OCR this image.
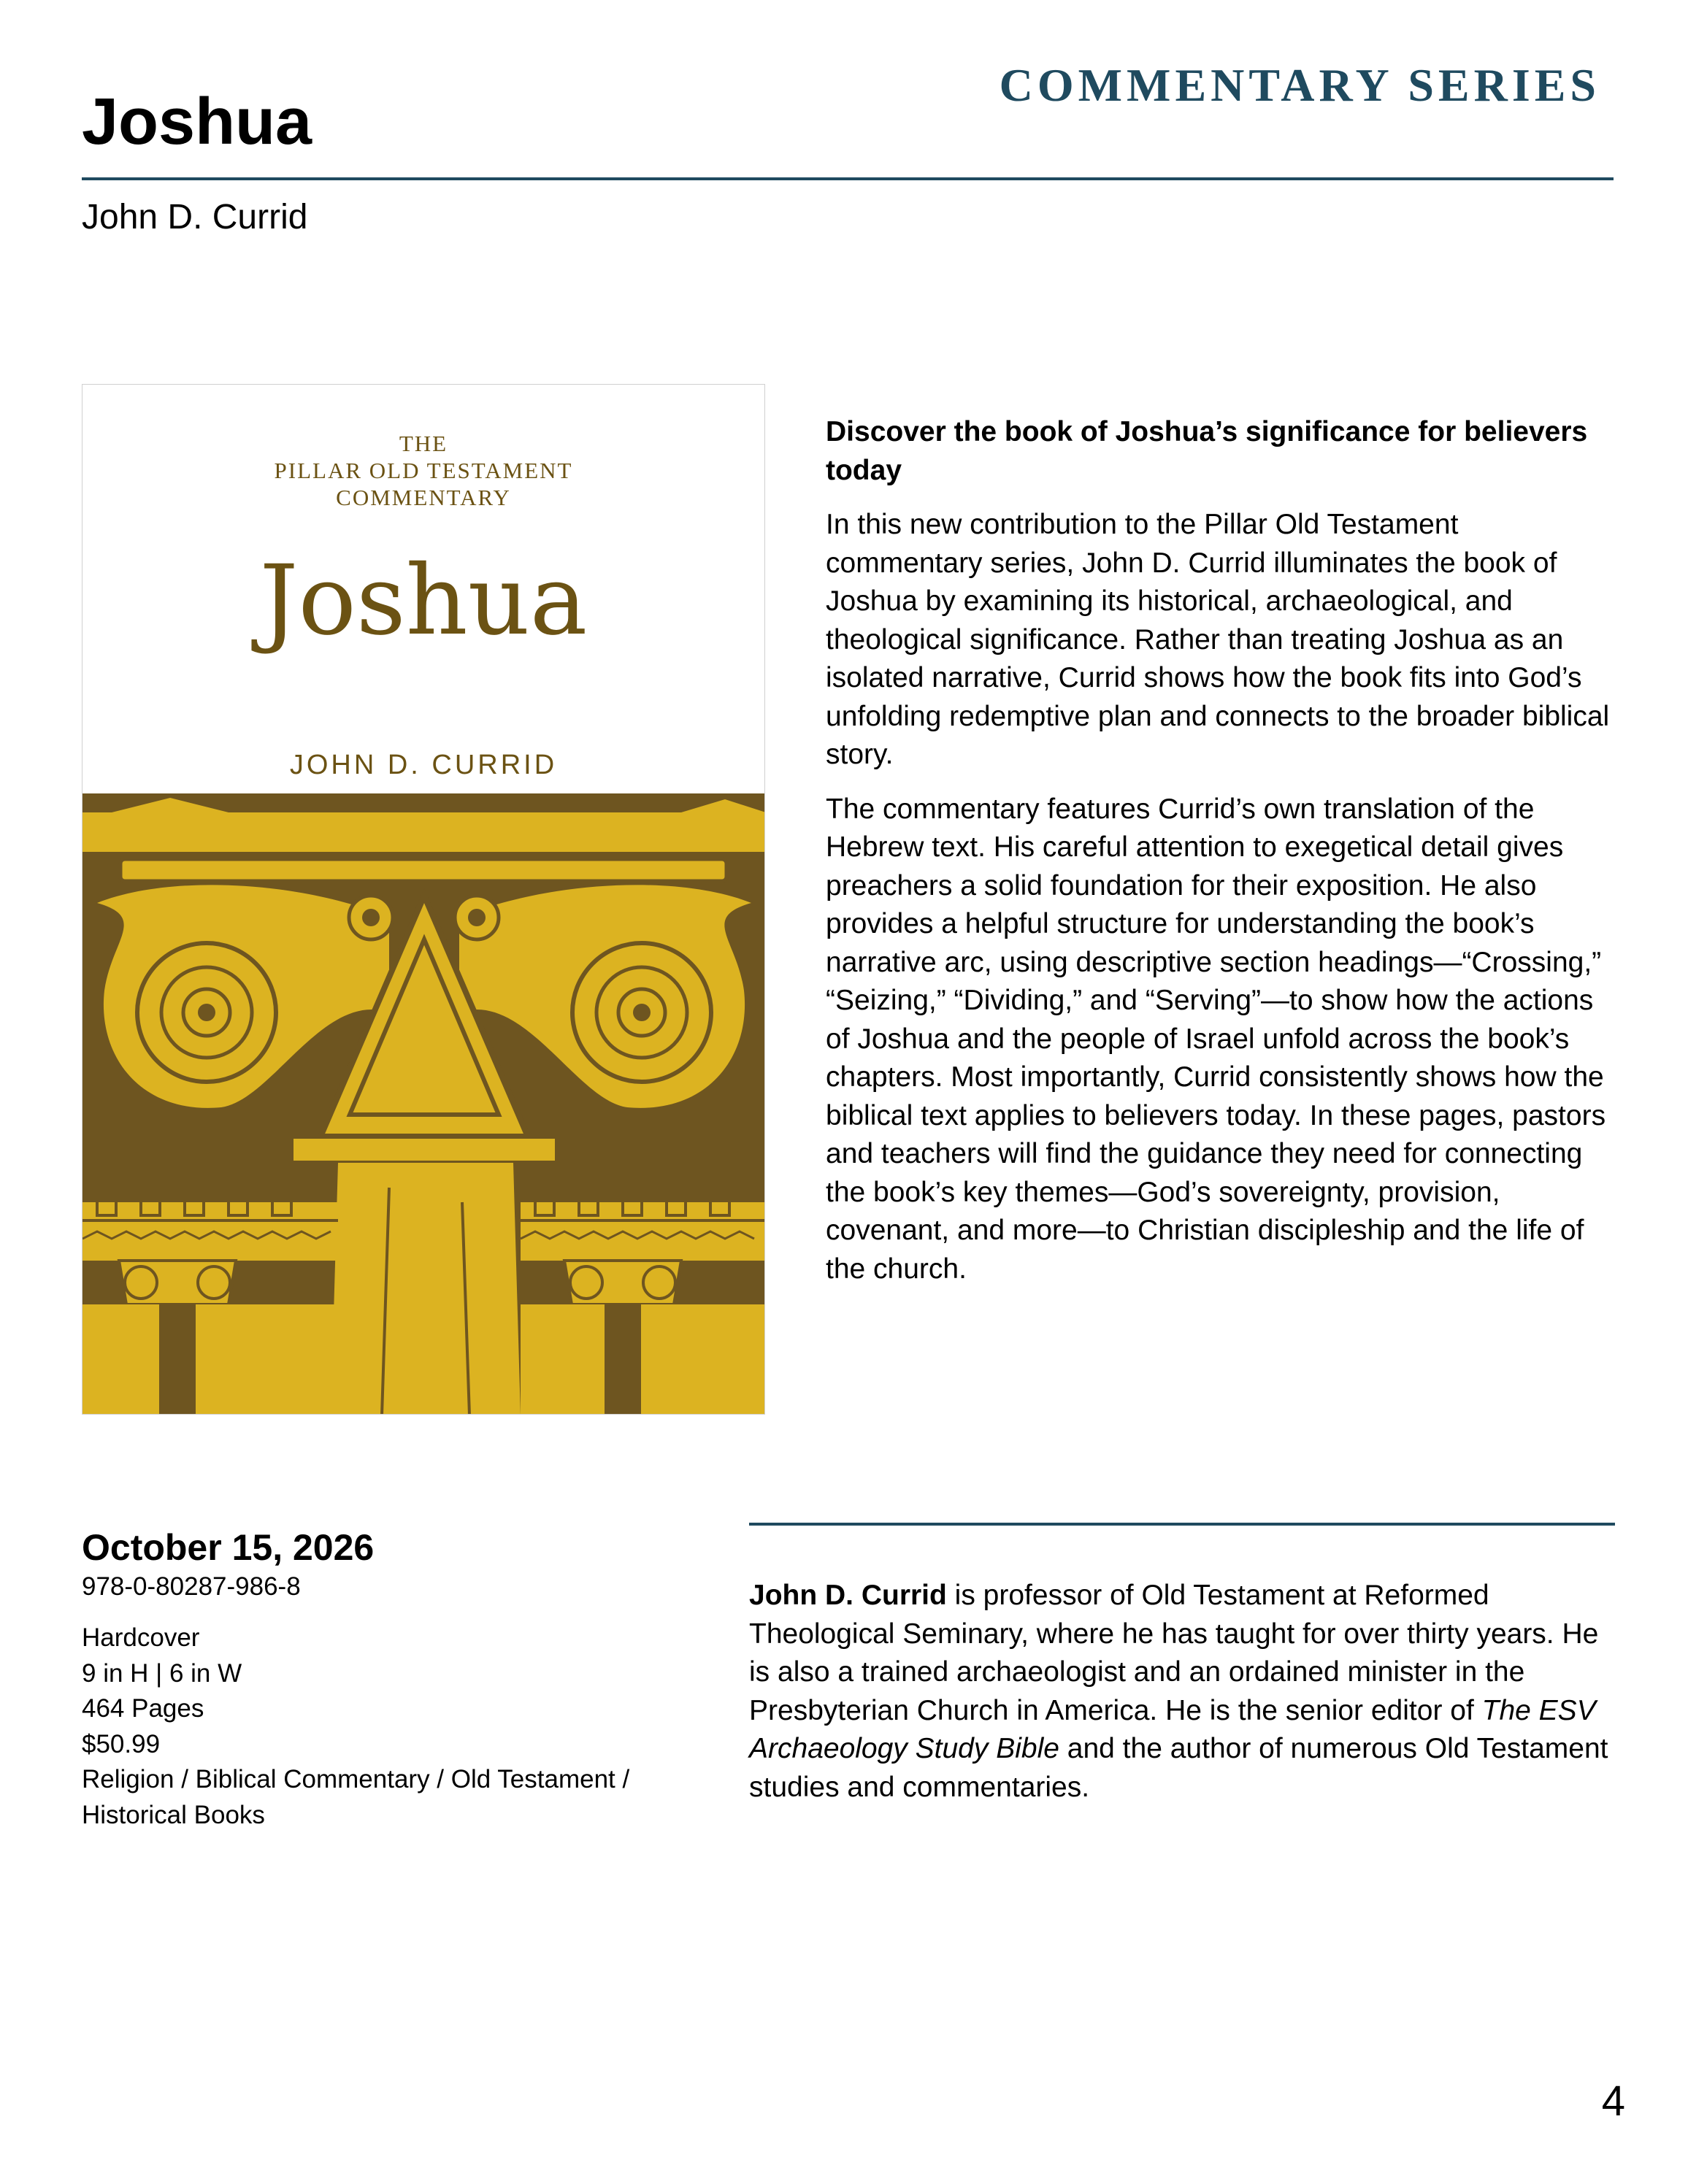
COMMENTARY SERIES

Joshua

John D. Currid

THE
PILLAR OLD TESTAMENT
COMMENTARY
Joshua
JOHN D. CURRID
Discover the book of Joshua’s significance for believers today

In this new contribution to the Pillar Old Testament commentary series, John D. Currid illuminates the book of Joshua by examining its historical, archaeological, and theological significance. Rather than treating Joshua as an isolated narrative, Currid shows how the book fits into God’s unfolding redemptive plan and connects to the broader biblical story.

The commentary features Currid’s own translation of the Hebrew text. His careful attention to exegetical detail gives preachers a solid foundation for their exposition. He also provides a helpful structure for understanding the book’s narrative arc, using descriptive section headings—“Crossing,” “Seizing,” “Dividing,” and “Serving”—to show how the actions of Joshua and the people of Israel unfold across the book’s chapters. Most importantly, Currid consistently shows how the biblical text applies to believers today. In these pages, pastors and teachers will find the guidance they need for connecting the book’s key themes—God’s sovereignty, provision, covenant, and more—to Christian discipleship and the life of the church.

October 15, 2026

978-0-80287-986-8
Hardcover
9 in H | 6 in W
464 Pages
$50.99
Religion / Biblical Commentary / Old Testament /
Historical Books

John D. Currid is professor of Old Testament at Reformed Theological Seminary, where he has taught for over thirty years. He is also a trained archaeologist and an ordained minister in the Presbyterian Church in America. He is the senior editor of The ESV Archaeology Study Bible and the author of numerous Old Testament studies and commentaries.

4
